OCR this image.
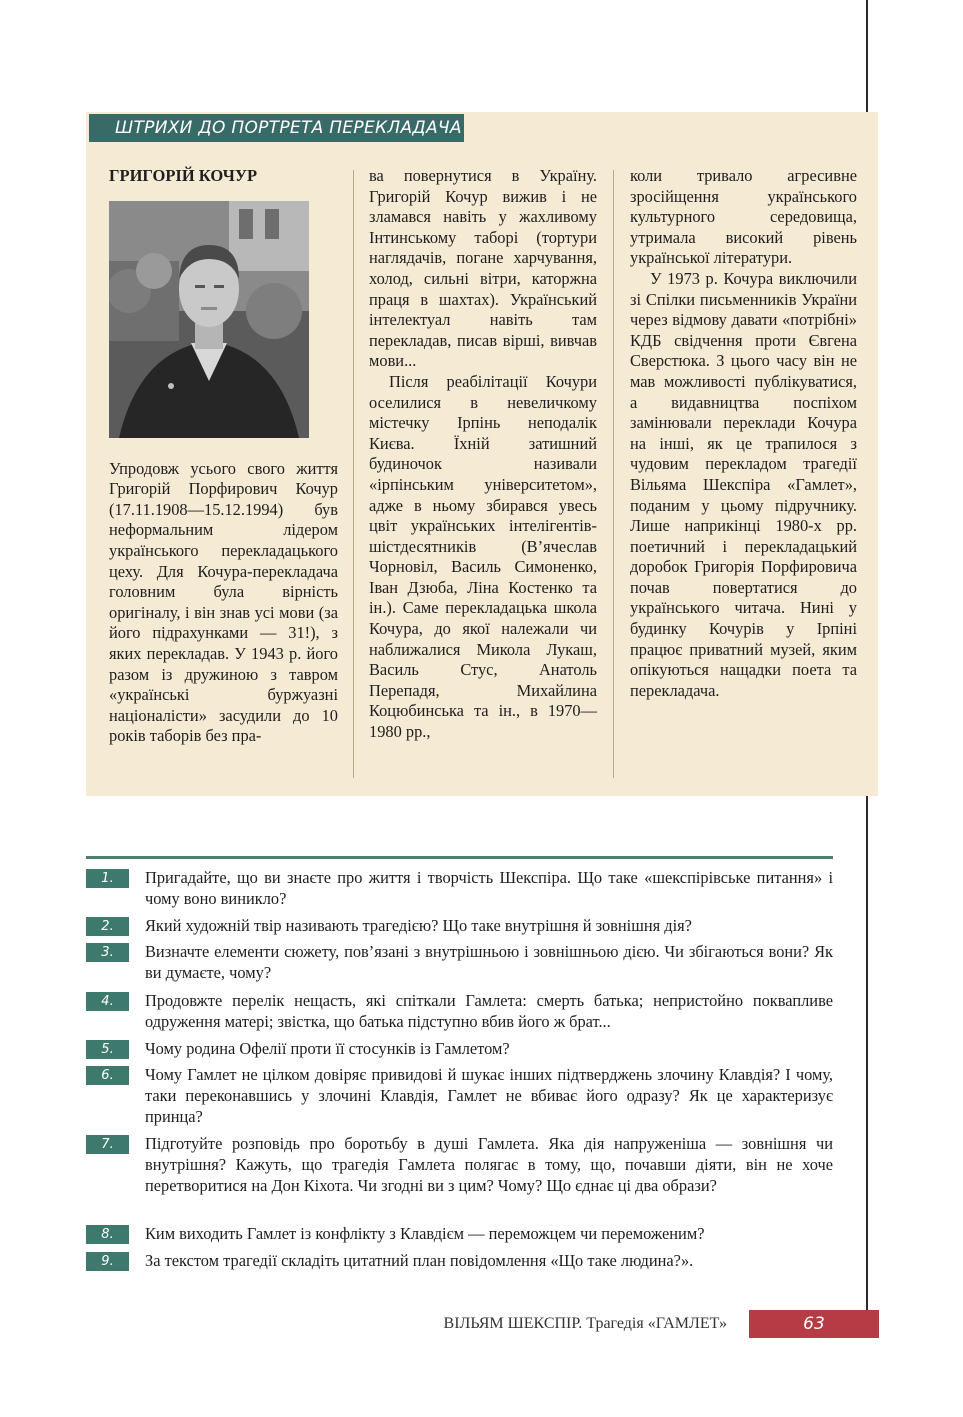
ШТРИХИ ДО ПОРТРЕТА ПЕРЕКЛАДАЧА

ГРИГОРІЙ КОЧУР

Упродовж усього свого життя Григорій Порфирович Кочур (17.11.1908—15.12.1994) був неформальним лідером українського перекладацького цеху. Для Кочура-перекладача головним була вірність оригіналу, і він знав усі мови (за його підрахунками — 31!), з яких перекладав. У 1943 р. його разом із дружиною з тавром «українські буржуазні націоналісти» засудили до 10 років таборів без пра-

ва повернутися в Україну. Григорій Кочур вижив і не зламався навіть у жахливому Інтинському таборі (тортури наглядачів, погане харчування, холод, сильні вітри, каторжна праця в шахтах). Український інтелектуал навіть там перекладав, писав вірші, вивчав мови...

Після реабілітації Кочури оселилися в невеличкому містечку Ірпінь неподалік Києва. Їхній затишний будиночок називали «ірпінським університетом», адже в ньому збирався увесь цвіт українських інтелігентів-шістдесятників (В’ячеслав Чорновіл, Василь Симоненко, Іван Дзюба, Ліна Костенко та ін.). Саме перекладацька школа Кочура, до якої належали чи наближалися Микола Лукаш, Василь Стус, Анатоль Перепадя, Михайлина Коцюбинська та ін., в 1970—1980 рр.,

коли тривало агресивне зросійщення українського культурного середовища, утримала високий рівень української літератури.

У 1973 р. Кочура виключили зі Спілки письменників України через відмову давати «потрібні» КДБ свідчення проти Євгена Сверстюка. З цього часу він не мав можливості публікуватися, а видавництва поспіхом замінювали переклади Кочура на інші, як це трапилося з чудовим перекладом трагедії Вільяма Шекспіра «Гамлет», поданим у цьому підручнику. Лише наприкінці 1980-х рр. поетичний і перекладацький доробок Григорія Порфировича почав повертатися до українського читача. Нині у будинку Кочурів у Ірпіні працює приватний музей, яким опікуються нащадки поета та перекладача.

1.	Пригадайте, що ви знаєте про життя і творчість Шекспіра. Що таке «шекспірівське питання» і чому воно виникло?
2.	Який художній твір називають трагедією? Що таке внутрішня й зовнішня дія?
3.	Визначте елементи сюжету, пов’язані з внутрішньою і зовнішньою дією. Чи збігаються вони? Як ви думаєте, чому?
4.	Продовжте перелік нещасть, які спіткали Гамлета: смерть батька; непристойно поквапливе одруження матері; звістка, що батька підступно вбив його ж брат...
5.	Чому родина Офелії проти її стосунків із Гамлетом?
6.	Чому Гамлет не цілком довіряє привидові й шукає інших підтверджень злочину Клавдія? І чому, таки переконавшись у злочині Клавдія, Гамлет не вбиває його одразу? Як це характеризує принца?
7.	Підготуйте розповідь про боротьбу в душі Гамлета. Яка дія напруженіша — зовнішня чи внутрішня? Кажуть, що трагедія Гамлета полягає в тому, що, почавши діяти, він не хоче перетворитися на Дон Кіхота. Чи згодні ви з цим? Чому? Що єднає ці два образи?
8.	Ким виходить Гамлет із конфлікту з Клавдієм — переможцем чи переможеним?
9.	За текстом трагедії складіть цитатний план повідомлення «Що таке людина?».
ВІЛЬЯМ ШЕКСПІР. Трагедія «ГАМЛЕТ»	63
